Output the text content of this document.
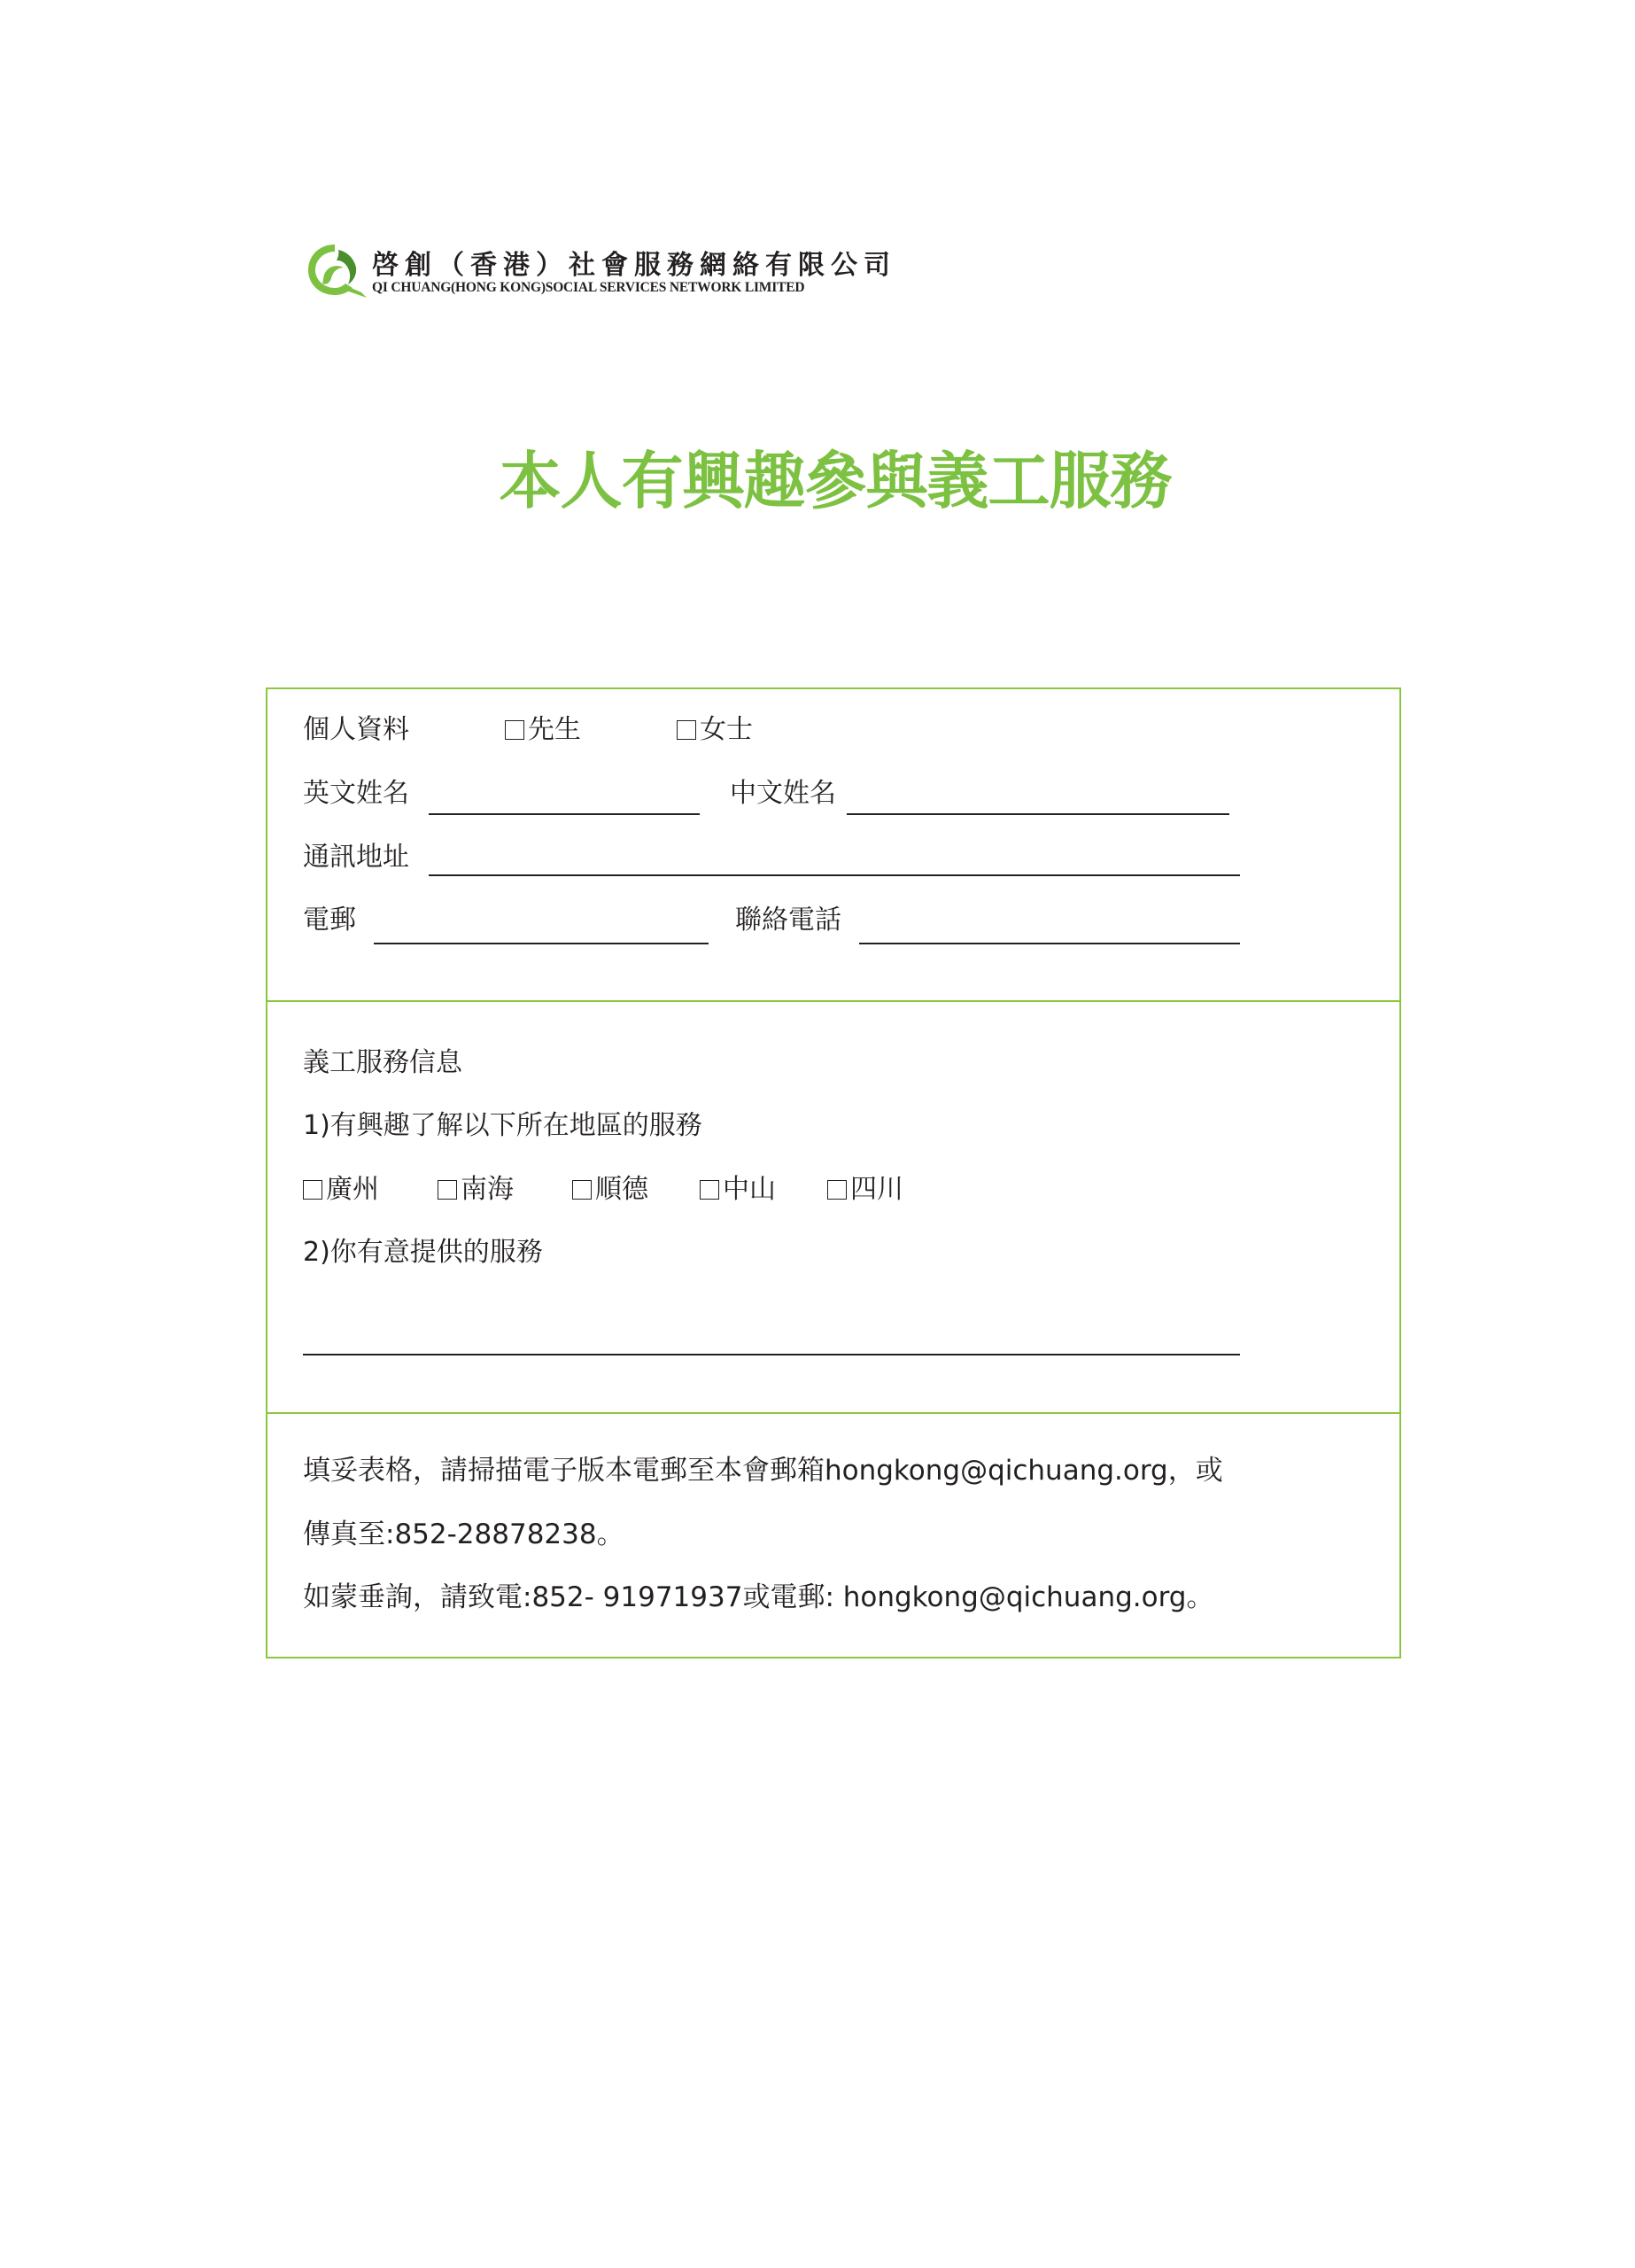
啓創（香港）社會服務網絡有限公司
QI CHUANG(HONG KONG)SOCIAL SERVICES NETWORK LIMITED
本人有興趣參與義工服務
個人資料	先生	女士
英文姓名	中文姓名
通訊地址
電郵	聯絡電話
義工服務信息
1)有興趣了解以下所在地區的服務
廣州	南海	順德	中山	四川
2)你有意提供的服務
填妥表格，請掃描電子版本電郵至本會郵箱hongkong@qichuang.org，或
傳真至:852-28878238。
如蒙垂詢，請致電:852- 91971937或電郵: hongkong@qichuang.org。
